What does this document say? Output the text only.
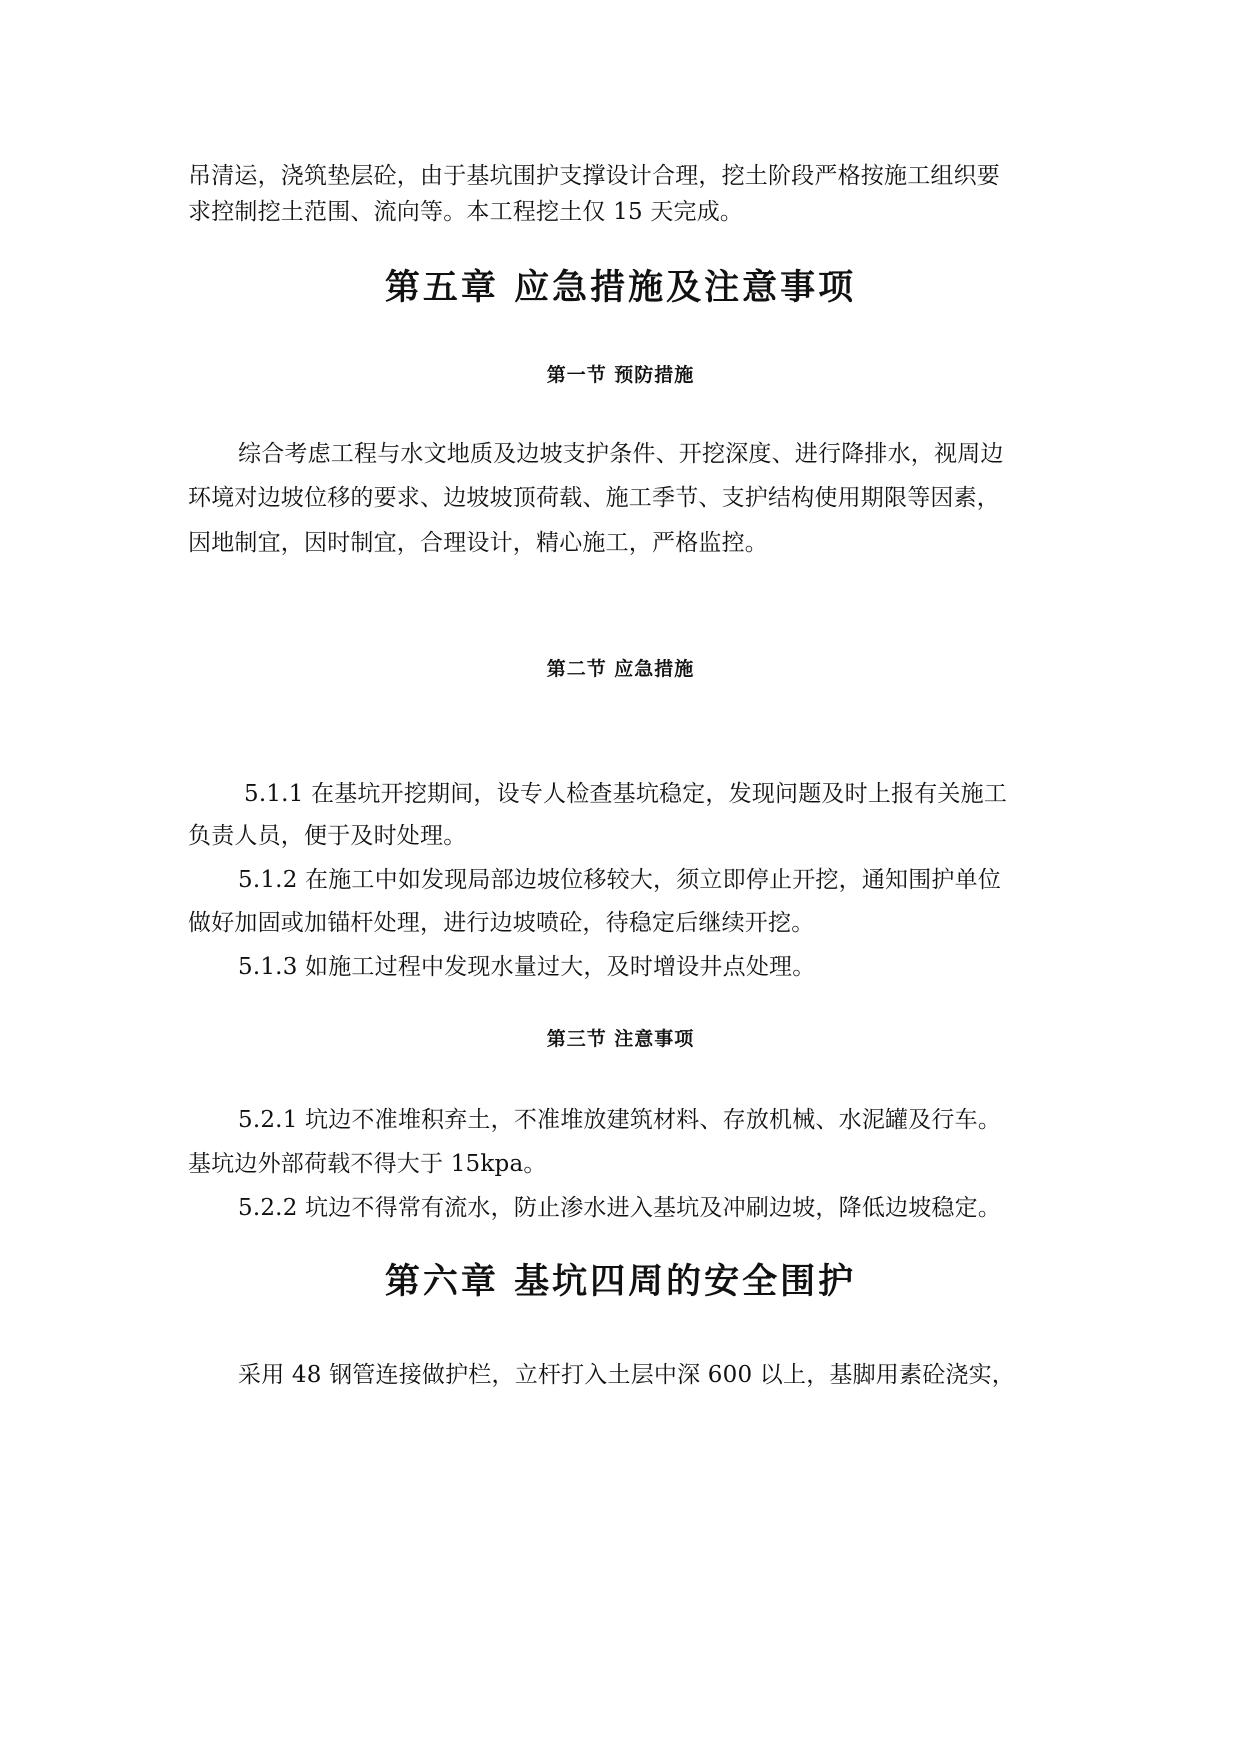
吊清运，浇筑垫层砼，由于基坑围护支撑设计合理，挖土阶段严格按施工组织要
求控制挖土范围、流向等。本工程挖土仅 15 天完成。
第五章 应急措施及注意事项
第一节 预防措施
综合考虑工程与水文地质及边坡支护条件、开挖深度、进行降排水，视周边
环境对边坡位移的要求、边坡坡顶荷载、施工季节、支护结构使用期限等因素，
因地制宜，因时制宜，合理设计，精心施工，严格监控。
第二节 应急措施
5.1.1 在基坑开挖期间，设专人检查基坑稳定，发现问题及时上报有关施工
负责人员，便于及时处理。
5.1.2 在施工中如发现局部边坡位移较大，须立即停止开挖，通知围护单位
做好加固或加锚杆处理，进行边坡喷砼，待稳定后继续开挖。
5.1.3 如施工过程中发现水量过大，及时增设井点处理。
第三节 注意事项
5.2.1 坑边不准堆积弃土，不准堆放建筑材料、存放机械、水泥罐及行车。
基坑边外部荷载不得大于 15kpa。
5.2.2 坑边不得常有流水，防止渗水进入基坑及冲刷边坡，降低边坡稳定。
第六章 基坑四周的安全围护
采用 48 钢管连接做护栏，立杆打入土层中深 600 以上，基脚用素砼浇实，
